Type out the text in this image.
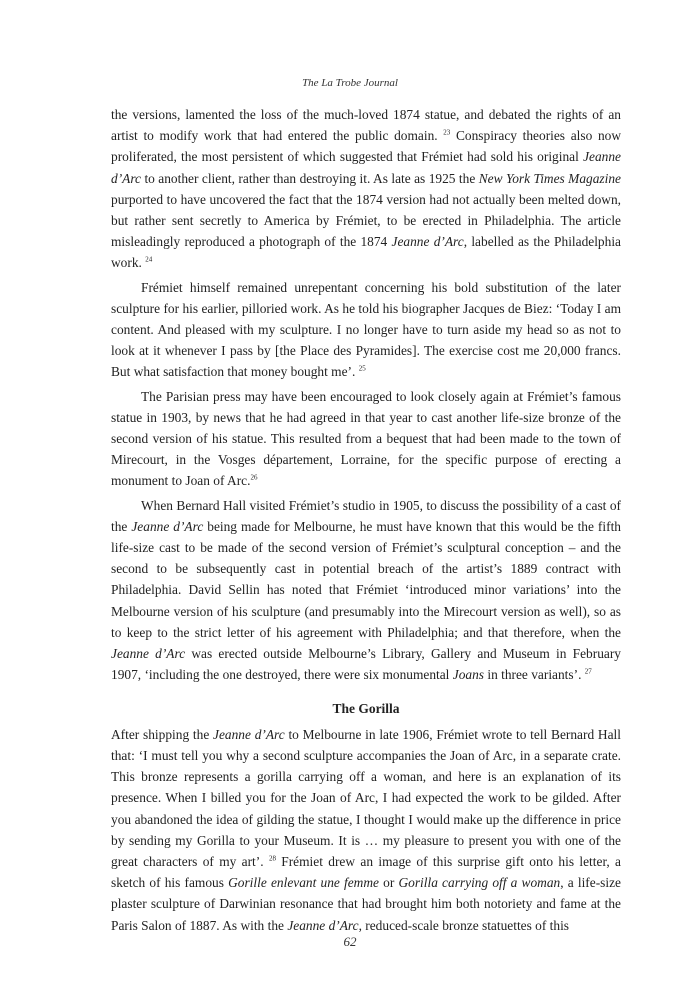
The La Trobe Journal

the versions, lamented the loss of the much-loved 1874 statue, and debated the rights of an artist to modify work that had entered the public domain. $^{23}$ Conspiracy theories also now proliferated, the most persistent of which suggested that Frémiet had sold his original Jeanne d’Arc to another client, rather than destroying it. As late as 1925 the New York Times Magazine purported to have uncovered the fact that the 1874 version had not actually been melted down, but rather sent secretly to America by Frémiet, to be erected in Philadelphia. The article misleadingly reproduced a photograph of the 1874 Jeanne d’Arc, labelled as the Philadelphia work. $^{24}$

Frémiet himself remained unrepentant concerning his bold substitution of the later sculpture for his earlier, pilloried work. As he told his biographer Jacques de Biez: ‘Today I am content. And pleased with my sculpture. I no longer have to turn aside my head so as not to look at it whenever I pass by [the Place des Pyramides]. The exercise cost me 20,000 francs. But what satisfaction that money bought me’. $^{25}$

The Parisian press may have been encouraged to look closely again at Frémiet’s famous statue in 1903, by news that he had agreed in that year to cast another life-size bronze of the second version of his statue. This resulted from a bequest that had been made to the town of Mirecourt, in the Vosges département, Lorraine, for the specific purpose of erecting a monument to Joan of Arc.$^{26}$

When Bernard Hall visited Frémiet’s studio in 1905, to discuss the possibility of a cast of the Jeanne d’Arc being made for Melbourne, he must have known that this would be the fifth life-size cast to be made of the second version of Frémiet’s sculptural conception – and the second to be subsequently cast in potential breach of the artist’s 1889 contract with Philadelphia. David Sellin has noted that Frémiet ‘introduced minor variations’ into the Melbourne version of his sculpture (and presumably into the Mirecourt version as well), so as to keep to the strict letter of his agreement with Philadelphia; and that therefore, when the Jeanne d’Arc was erected outside Melbourne’s Library, Gallery and Museum in February 1907, ‘including the one destroyed, there were six monumental Joans in three variants’. $^{27}$

The Gorilla

After shipping the Jeanne d’Arc to Melbourne in late 1906, Frémiet wrote to tell Bernard Hall that: ‘I must tell you why a second sculpture accompanies the Joan of Arc, in a separate crate. This bronze represents a gorilla carrying off a woman, and here is an explanation of its presence. When I billed you for the Joan of Arc, I had expected the work to be gilded. After you abandoned the idea of gilding the statue, I thought I would make up the difference in price by sending my Gorilla to your Museum. It is … my pleasure to present you with one of the great characters of my art’. $^{28}$ Frémiet drew an image of this surprise gift onto his letter, a sketch of his famous Gorille enlevant une femme or Gorilla carrying off a woman, a life-size plaster sculpture of Darwinian resonance that had brought him both notoriety and fame at the Paris Salon of 1887. As with the Jeanne d’Arc, reduced-scale bronze statuettes of this

62
